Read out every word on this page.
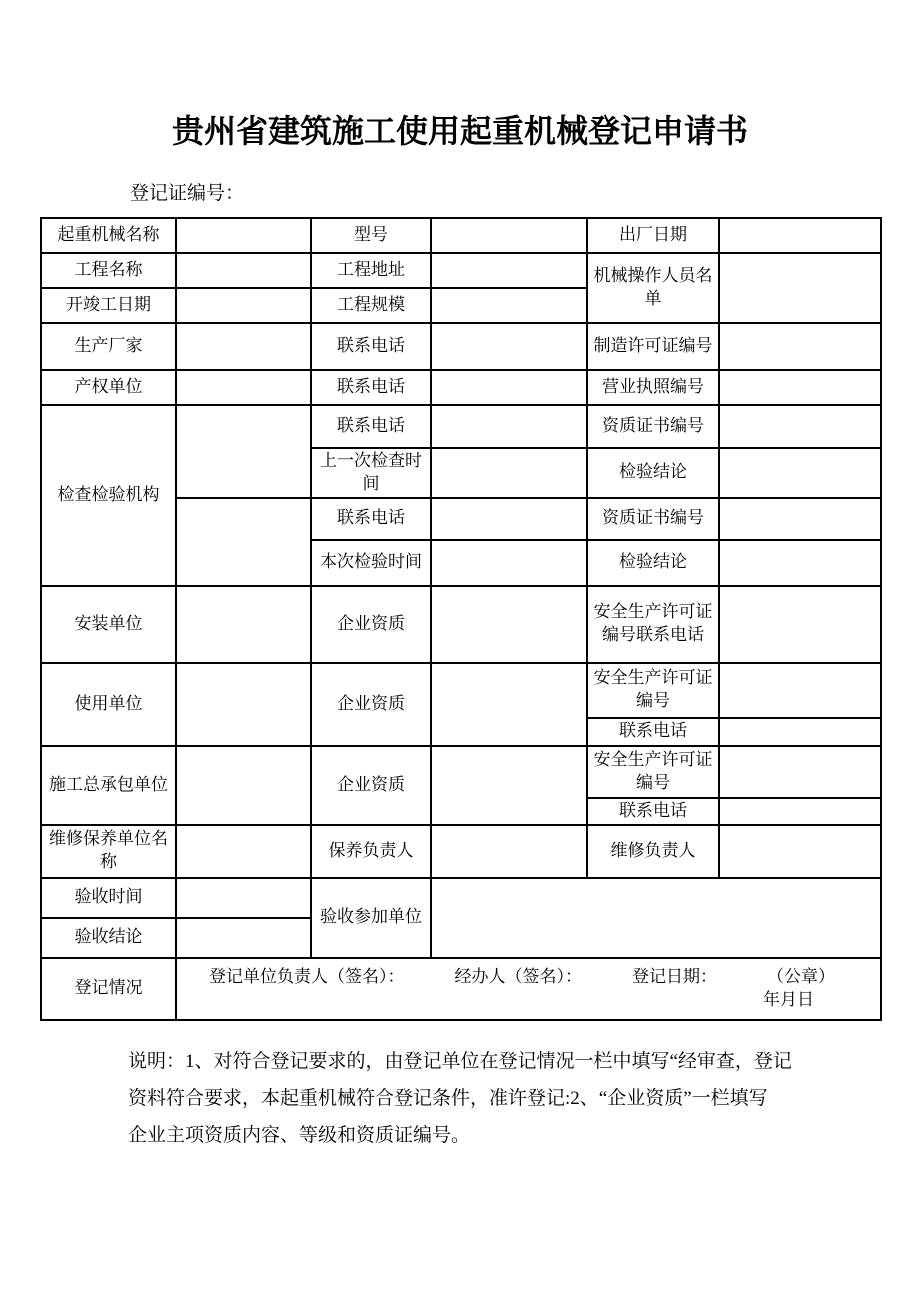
贵州省建筑施工使用起重机械登记申请书
登记证编号：
起重机械名称		型号		出厂日期	
工程名称		工程地址		机械操作人员名单	
开竣工日期		工程规模			
生产厂家		联系电话		制造许可证编号	
产权单位		联系电话		营业执照编号	
检查检验机构		联系电话		资质证书编号	
		上一次检查时间		检验结论	
		联系电话		资质证书编号	
		本次检验时间		检验结论	
安装单位		企业资质		安全生产许可证编号联系电话	
使用单位		企业资质		安全生产许可证编号	
				联系电话	
施工总承包单位		企业资质		安全生产许可证编号	
				联系电话	
维修保养单位名称		保养负责人		维修负责人	
验收时间		验收参加单位			
验收结论					
登记情况	登记单位负责人（签名）： 经办人（签名）： 登记日期： （公章）
年月日				
说明：1、对符合登记要求的，由登记单位在登记情况一栏中填写“经审查，登记
资料符合要求，本起重机械符合登记条件，准许登记:2、“企业资质”一栏填写
企业主项资质内容、等级和资质证编号。
